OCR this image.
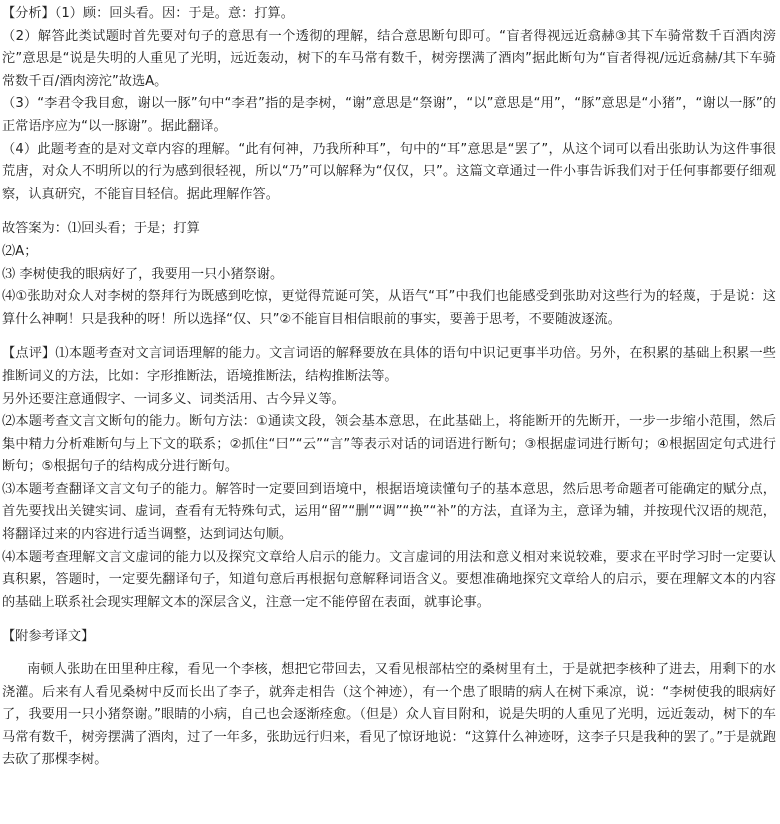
【分析】（1）顾：回头看。因：于是。意：打算。

（2）解答此类试题时首先要对句子的意思有一个透彻的理解，结合意思断句即可。“盲者得视远近翕赫③其下车骑常数千百酒肉滂沱”意思是“说是失明的人重见了光明，远近轰动，树下的车马常有数千，树旁摆满了酒肉”据此断句为“盲者得视/远近翕赫/其下车骑常数千百/酒肉滂沱”故选A。

（3）“李君令我目愈，谢以一豚”句中“李君”指的是李树，“谢”意思是“祭谢”，“以”意思是“用”，“豚”意思是“小猪”，“谢以一豚”的正常语序应为“以一豚谢”。据此翻译。

（4）此题考查的是对文章内容的理解。“此有何神，乃我所种耳”，句中的“耳”意思是“罢了”，从这个词可以看出张助认为这件事很荒唐，对众人不明所以的行为感到很轻视，所以“乃”可以解释为“仅仅，只”。这篇文章通过一件小事告诉我们对于任何事都要仔细观察，认真研究，不能盲目轻信。据此理解作答。

故答案为：⑴回头看；于是；打算

⑵A；

⑶ 李树使我的眼病好了，我要用一只小猪祭谢。

⑷①张助对众人对李树的祭拜行为既感到吃惊，更觉得荒诞可笑，从语气“耳”中我们也能感受到张助对这些行为的轻蔑，于是说：这算什么神啊！只是我种的呀！所以选择“仅、只”②不能盲目相信眼前的事实，要善于思考，不要随波逐流。

【点评】⑴本题考查对文言词语理解的能力。文言词语的解释要放在具体的语句中识记更事半功倍。另外，在积累的基础上积累一些推断词义的方法，比如：字形推断法，语境推断法，结构推断法等。

另外还要注意通假字、一词多义、词类活用、古今异义等。

⑵本题考查文言文断句的能力。断句方法：①通读文段，领会基本意思，在此基础上，将能断开的先断开，一步一步缩小范围，然后集中精力分析难断句与上下文的联系；②抓住“曰”“云”“言”等表示对话的词语进行断句；③根据虚词进行断句；④根据固定句式进行断句；⑤根据句子的结构成分进行断句。

⑶本题考查翻译文言文句子的能力。解答时一定要回到语境中，根据语境读懂句子的基本意思，然后思考命题者可能确定的赋分点，首先要找出关键实词、虚词，查看有无特殊句式，运用“留”“删”“调”“换”“补”的方法，直译为主，意译为辅，并按现代汉语的规范，将翻译过来的内容进行适当调整，达到词达句顺。

⑷本题考查理解文言文虚词的能力以及探究文章给人启示的能力。文言虚词的用法和意义相对来说较难，要求在平时学习时一定要认真积累，答题时，一定要先翻译句子，知道句意后再根据句意解释词语含义。要想准确地探究文章给人的启示，要在理解文本的内容的基础上联系社会现实理解文本的深层含义，注意一定不能停留在表面，就事论事。

【附参考译文】

南顿人张助在田里种庄稼，看见一个李核，想把它带回去，又看见根部枯空的桑树里有土，于是就把李核种了进去，用剩下的水浇灌。后来有人看见桑树中反而长出了李子，就奔走相告（这个神迹），有一个患了眼睛的病人在树下乘凉，说：“李树使我的眼病好了，我要用一只小猪祭谢。”眼睛的小病，自己也会逐渐痊愈。（但是）众人盲目附和，说是失明的人重见了光明，远近轰动，树下的车马常有数千，树旁摆满了酒肉，过了一年多，张助远行归来，看见了惊讶地说：“这算什么神迹呀，这李子只是我种的罢了。”于是就跑去砍了那棵李树。
